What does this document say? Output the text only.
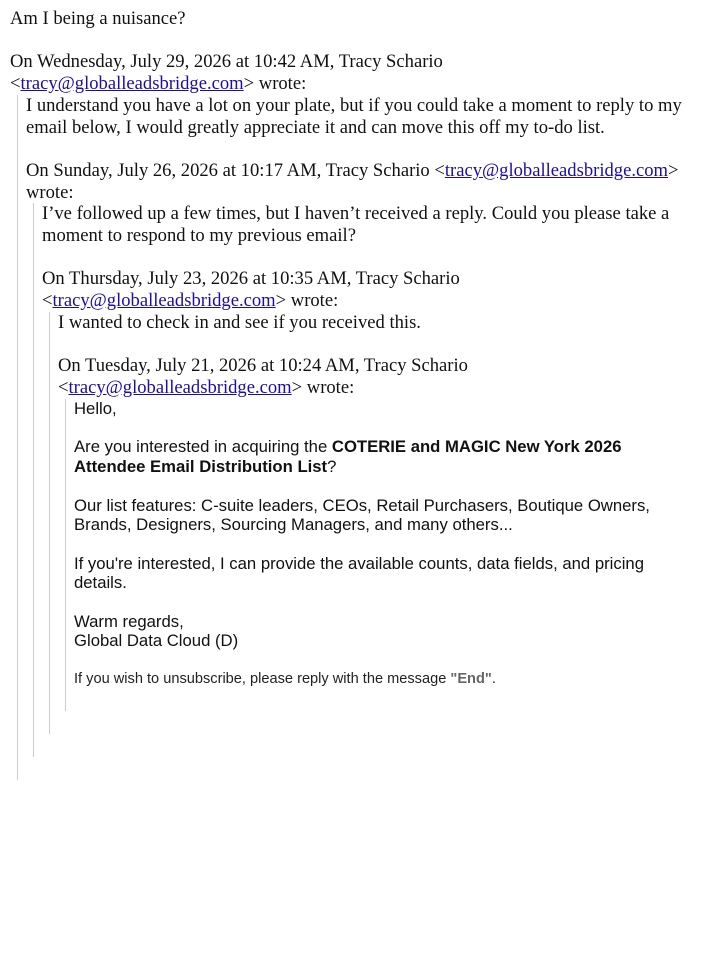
Am I being a nuisance?

On Wednesday, July 29, 2026 at 10:42 AM, Tracy Schario
<tracy@globalleadsbridge.com> wrote:

I understand you have a lot on your plate, but if you could take a moment to reply to my
email below, I would greatly appreciate it and can move this off my to-do list.

On Sunday, July 26, 2026 at 10:17 AM, Tracy Schario <tracy@globalleadsbridge.com>
wrote:

I’ve followed up a few times, but I haven’t received a reply. Could you please take a
moment to respond to my previous email?

On Thursday, July 23, 2026 at 10:35 AM, Tracy Schario
<tracy@globalleadsbridge.com> wrote:

I wanted to check in and see if you received this.

On Tuesday, July 21, 2026 at 10:24 AM, Tracy Schario
<tracy@globalleadsbridge.com> wrote:

Hello,

Are you interested in acquiring the COTERIE and MAGIC New York 2026
Attendee Email Distribution List?

Our list features: C-suite leaders, CEOs, Retail Purchasers, Boutique Owners,
Brands, Designers, Sourcing Managers, and many others...

If you're interested, I can provide the available counts, data fields, and pricing
details.

Warm regards,
Global Data Cloud (D)

If you wish to unsubscribe, please reply with the message "End".
